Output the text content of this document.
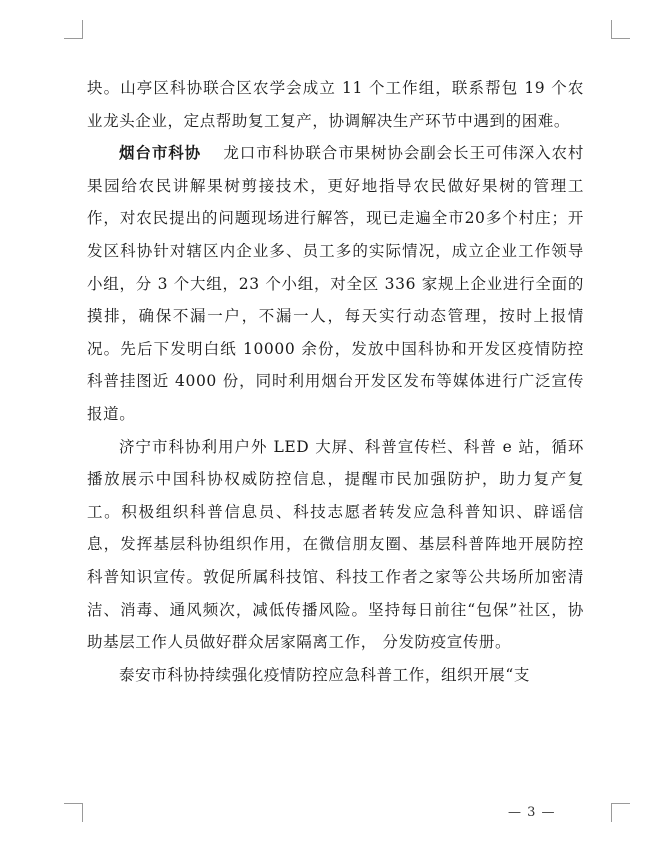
块。山亭区科协联合区农学会成立 11 个工作组，联系帮包 19 个农业龙头企业，定点帮助复工复产，协调解决生产环节中遇到的困难。

烟台市科协 龙口市科协联合市果树协会副会长王可伟深入农村果园给农民讲解果树剪接技术，更好地指导农民做好果树的管理工作，对农民提出的问题现场进行解答，现已走遍全市20多个村庄；开发区科协针对辖区内企业多、员工多的实际情况，成立企业工作领导小组，分 3 个大组，23 个小组，对全区 336 家规上企业进行全面的摸排，确保不漏一户，不漏一人，每天实行动态管理，按时上报情况。先后下发明白纸 10000 余份，发放中国科协和开发区疫情防控科普挂图近 4000 份，同时利用烟台开发区发布等媒体进行广泛宣传报道。

济宁市科协利用户外 LED 大屏、科普宣传栏、科普 e 站，循环播放展示中国科协权威防控信息，提醒市民加强防护，助力复产复工。积极组织科普信息员、科技志愿者转发应急科普知识、辟谣信息，发挥基层科协组织作用，在微信朋友圈、基层科普阵地开展防控科普知识宣传。敦促所属科技馆、科技工作者之家等公共场所加密清洁、消毒、通风频次，减低传播风险。坚持每日前往“包保”社区，协助基层工作人员做好群众居家隔离工作， 分发防疫宣传册。

泰安市科协持续强化疫情防控应急科普工作，组织开展“支

— 3 —
